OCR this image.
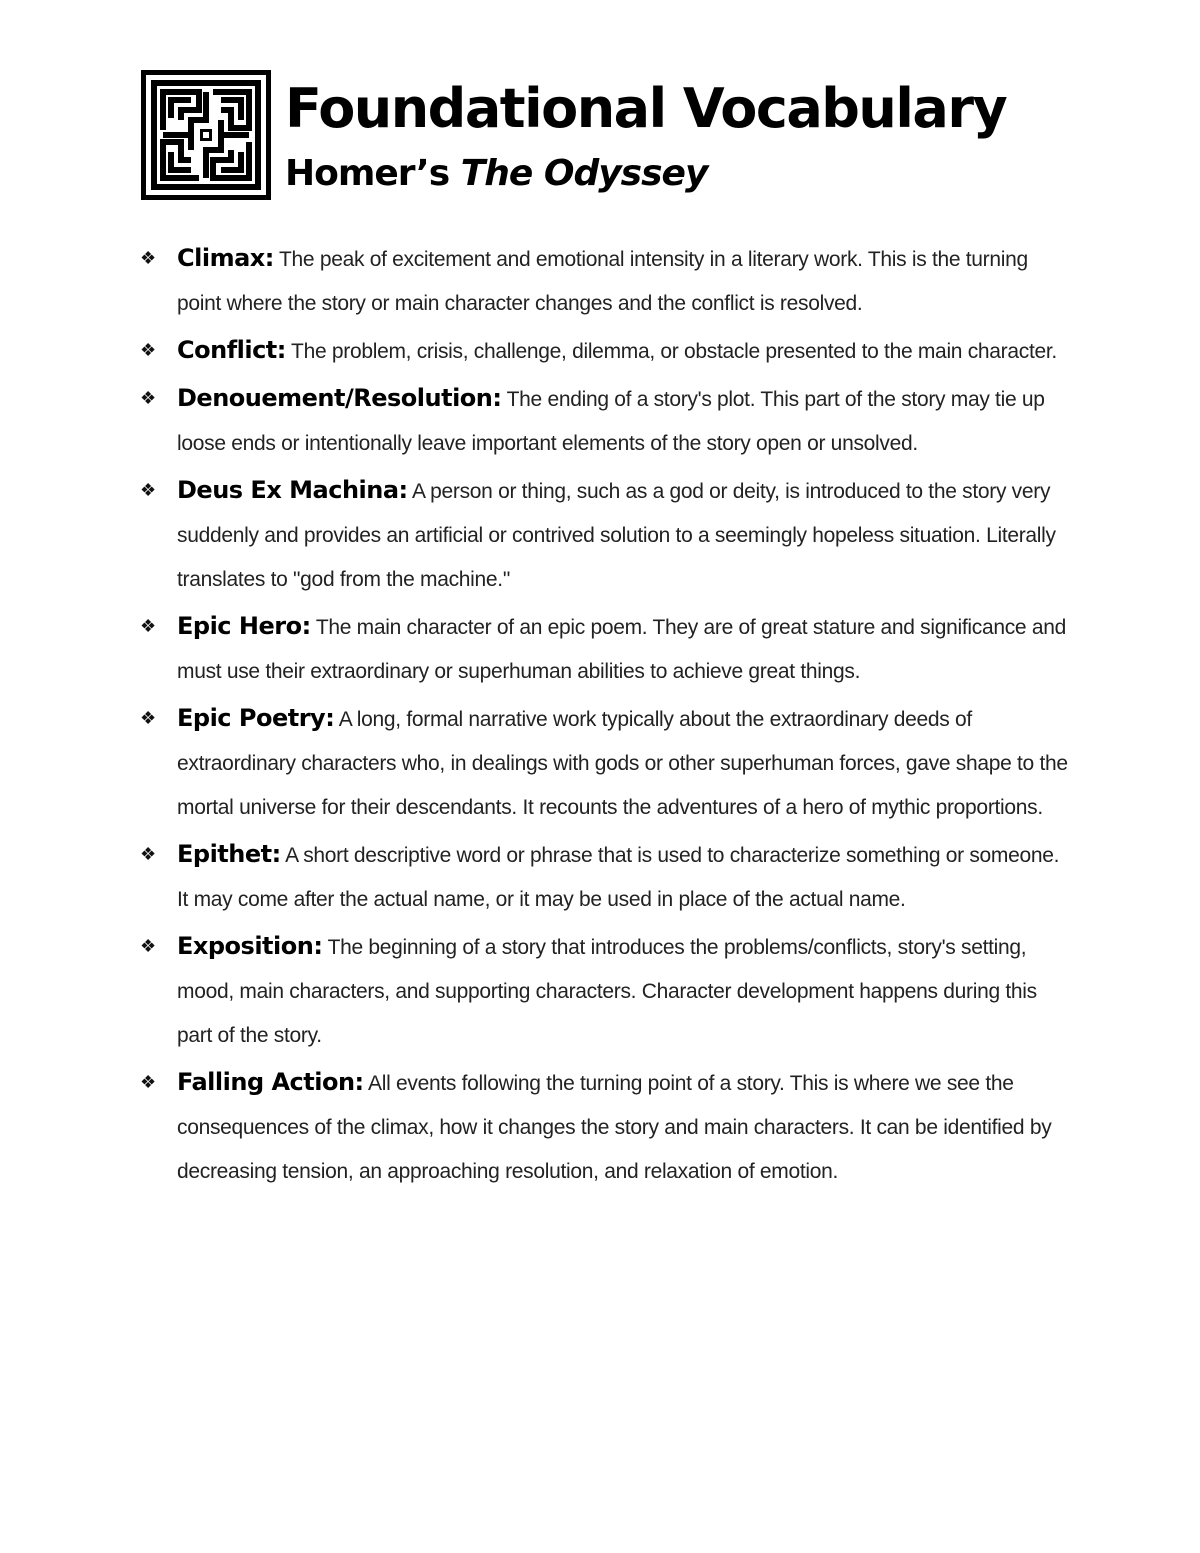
Foundational Vocabulary
Homer’s The Odyssey
❖ Climax: The peak of excitement and emotional intensity in a literary work. This is the turning point where the story or main character changes and the conflict is resolved.
❖ Conflict: The problem, crisis, challenge, dilemma, or obstacle presented to the main character.
❖ Denouement/Resolution: The ending of a story's plot. This part of the story may tie up loose ends or intentionally leave important elements of the story open or unsolved.
❖ Deus Ex Machina: A person or thing, such as a god or deity, is introduced to the story very suddenly and provides an artificial or contrived solution to a seemingly hopeless situation. Literally translates to "god from the machine."
❖ Epic Hero: The main character of an epic poem. They are of great stature and significance and must use their extraordinary or superhuman abilities to achieve great things.
❖ Epic Poetry: A long, formal narrative work typically about the extraordinary deeds of extraordinary characters who, in dealings with gods or other superhuman forces, gave shape to the mortal universe for their descendants. It recounts the adventures of a hero of mythic proportions.
❖ Epithet: A short descriptive word or phrase that is used to characterize something or someone. It may come after the actual name, or it may be used in place of the actual name.
❖ Exposition: The beginning of a story that introduces the problems/conflicts, story's setting, mood, main characters, and supporting characters. Character development happens during this part of the story.
❖ Falling Action: All events following the turning point of a story. This is where we see the consequences of the climax, how it changes the story and main characters. It can be identified by decreasing tension, an approaching resolution, and relaxation of emotion.
